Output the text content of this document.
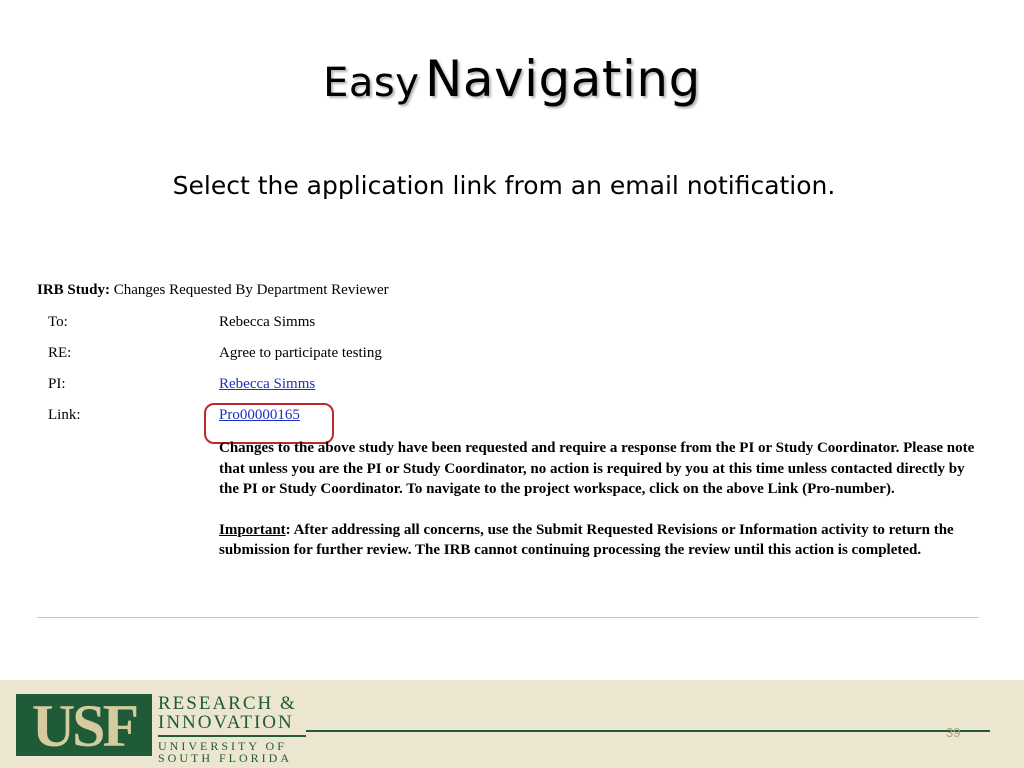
Easy Navigating
Select the application link from an email notification.
IRB Study: Changes Requested By Department Reviewer
To:	Rebecca Simms
RE:	Agree to participate testing
PI:	Rebecca Simms
Link:	Pro00000165

Changes to the above study have been requested and require a response from the PI or Study Coordinator. Please note that unless you are the PI or Study Coordinator, no action is required by you at this time unless contacted directly by the PI or Study Coordinator. To navigate to the project workspace, click on the above Link (Pro-number).

Important: After addressing all concerns, use the Submit Requested Revisions or Information activity to return the submission for further review. The IRB cannot continuing processing the review until this action is completed.

USF	RESEARCH &
INNOVATION
UNIVERSITY OF
SOUTH FLORIDA
39
